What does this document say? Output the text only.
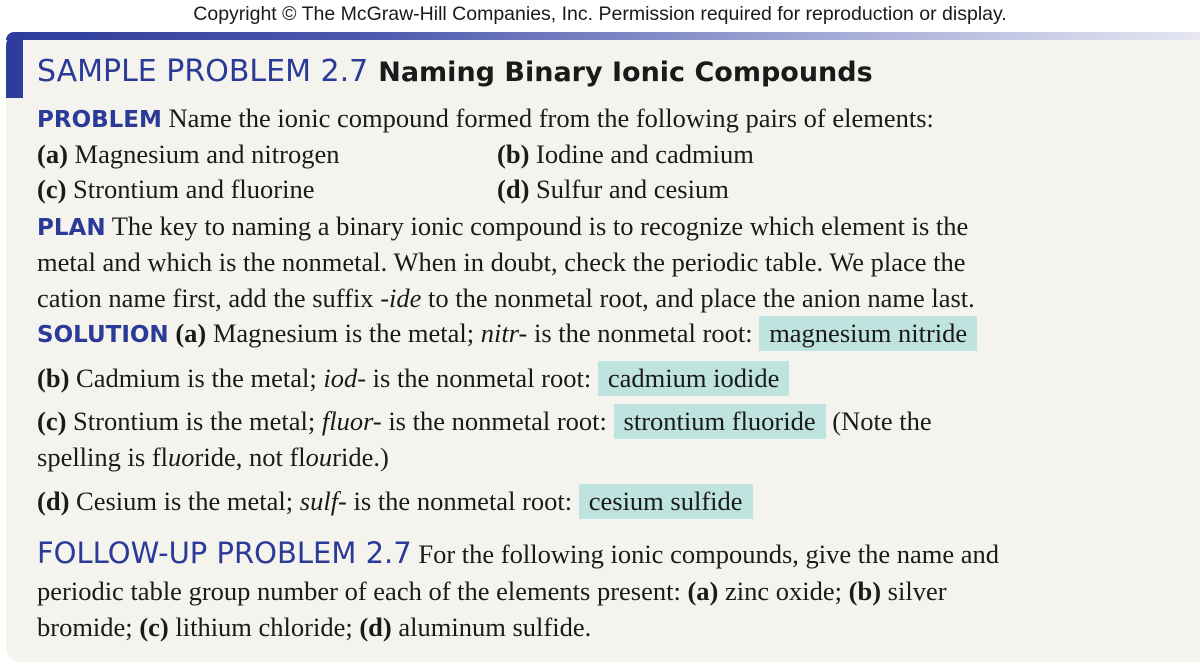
Copyright © The McGraw-Hill Companies, Inc. Permission required for reproduction or display.
SAMPLE PROBLEM 2.7 Naming Binary Ionic Compounds
PROBLEM Name the ionic compound formed from the following pairs of elements:
(a) Magnesium and nitrogen	(b) Iodine and cadmium
(c) Strontium and fluorine	(d) Sulfur and cesium
PLAN The key to naming a binary ionic compound is to recognize which element is the
metal and which is the nonmetal. When in doubt, check the periodic table. We place the
cation name first, add the suffix -ide to the nonmetal root, and place the anion name last.
SOLUTION (a) Magnesium is the metal; nitr- is the nonmetal root: magnesium nitride
(b) Cadmium is the metal; iod- is the nonmetal root: cadmium iodide
(c) Strontium is the metal; fluor- is the nonmetal root: strontium fluoride (Note the
spelling is fluoride, not flouride.)
(d) Cesium is the metal; sulf- is the nonmetal root: cesium sulfide
FOLLOW-UP PROBLEM 2.7 For the following ionic compounds, give the name and
periodic table group number of each of the elements present: (a) zinc oxide; (b) silver
bromide; (c) lithium chloride; (d) aluminum sulfide.
